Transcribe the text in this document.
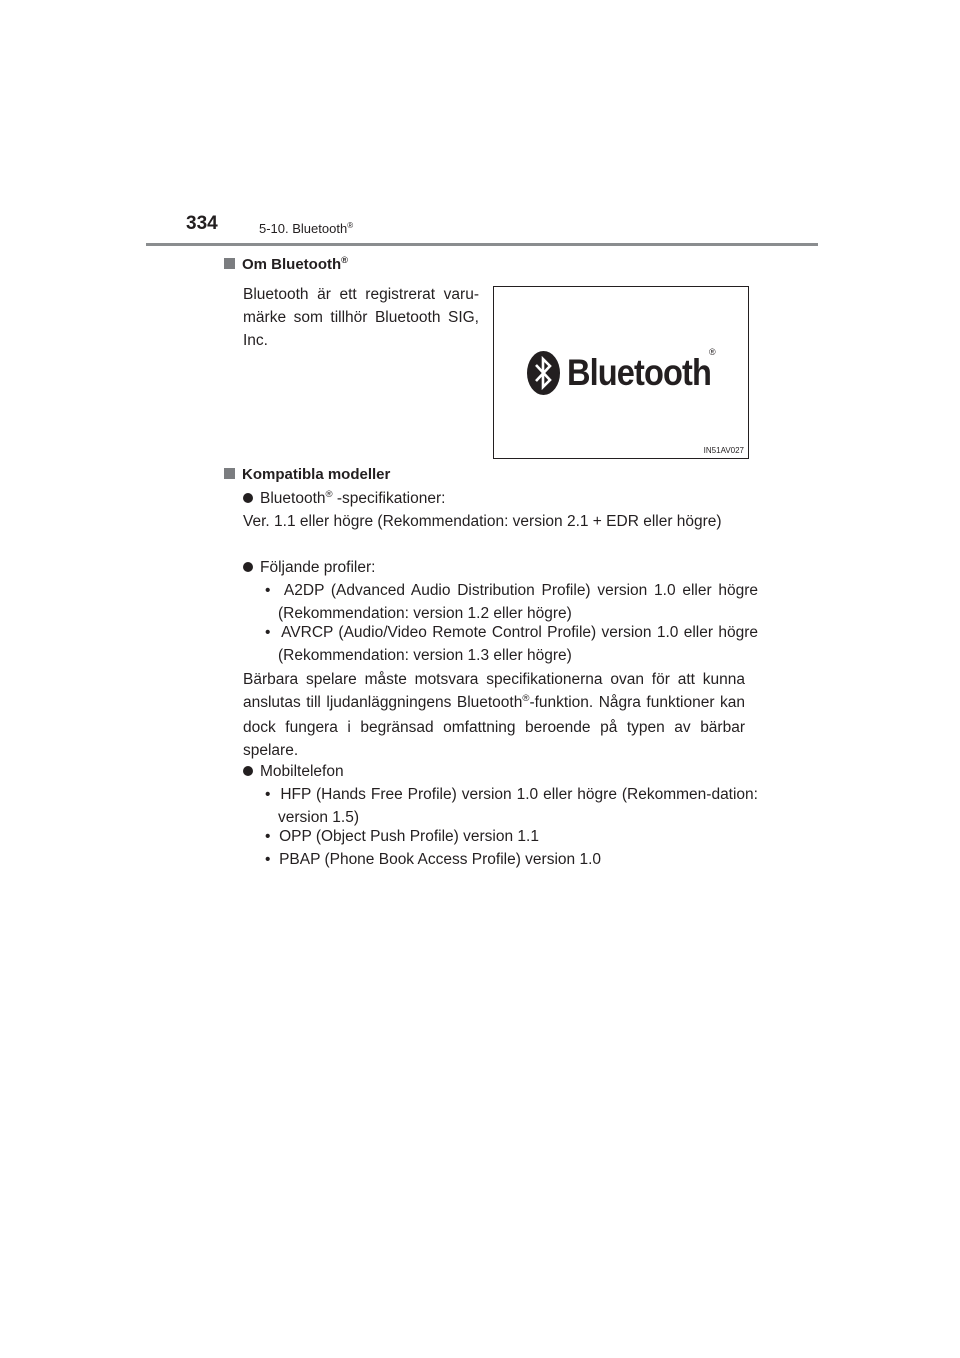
334	5-10. Bluetooth®
Om Bluetooth®
Bluetooth är ett registrerat varu-märke som tillhör Bluetooth SIG, Inc.
Bluetooth
®
IN51AV027
Kompatibla modeller
Bluetooth® -specifikationer:
Ver. 1.1 eller högre (Rekommendation: version 2.1 + EDR eller högre)
Följande profiler:
• A2DP (Advanced Audio Distribution Profile) version 1.0 eller högre (Rekommendation: version 1.2 eller högre)
• AVRCP (Audio/Video Remote Control Profile) version 1.0 eller högre (Rekommendation: version 1.3 eller högre)
Bärbara spelare måste motsvara specifikationerna ovan för att kunna anslutas till ljudanläggningens Bluetooth®-funktion. Några funktioner kan dock fungera i begränsad omfattning beroende på typen av bärbar spelare.
Mobiltelefon
• HFP (Hands Free Profile) version 1.0 eller högre (Rekommen-dation: version 1.5)
• OPP (Object Push Profile) version 1.1
• PBAP (Phone Book Access Profile) version 1.0
